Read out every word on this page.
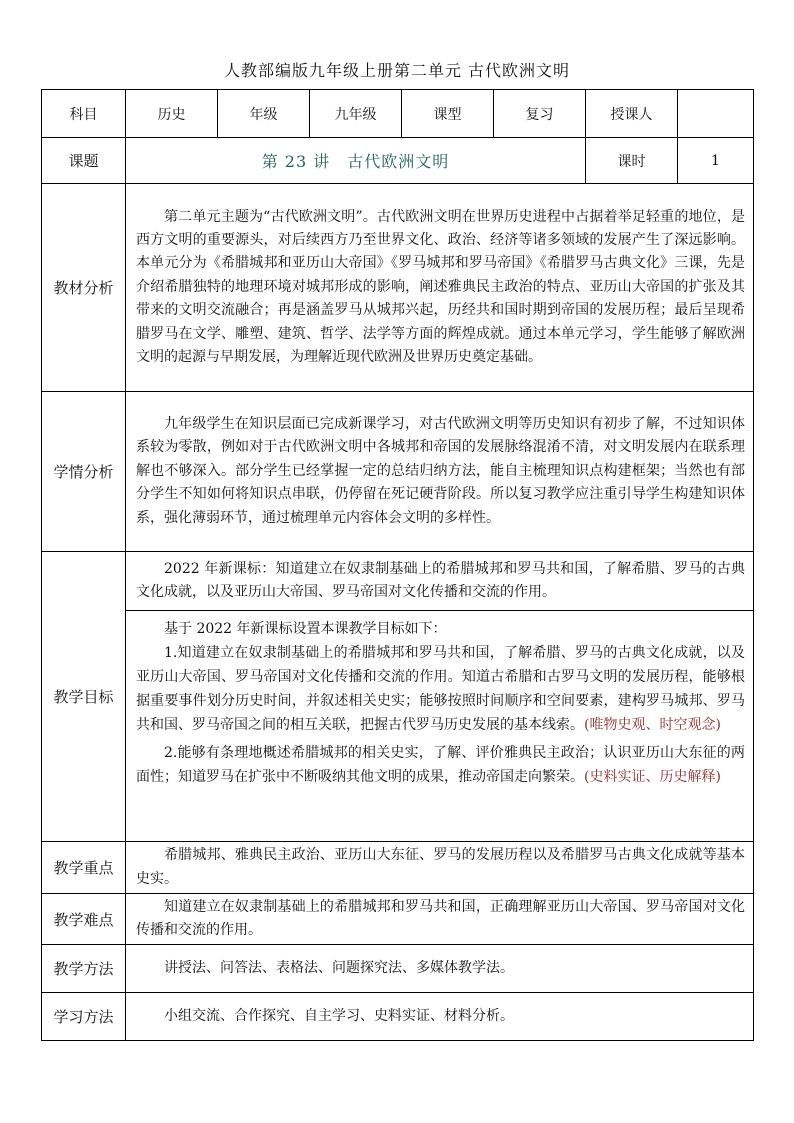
人教部编版九年级上册第二单元 古代欧洲文明
科目	历史	年级	九年级	课型	复习	授课人	
课题	第 23 讲　古代欧洲文明					课时	1
教材分析	第二单元主题为“古代欧洲文明”。古代欧洲文明在世界历史进程中占据着举足轻重的地位，是西方文明的重要源头，对后续西方乃至世界文化、政治、经济等诸多领域的发展产生了深远影响。本单元分为《希腊城邦和亚历山大帝国》《罗马城邦和罗马帝国》《希腊罗马古典文化》三课，先是介绍希腊独特的地理环境对城邦形成的影响，阐述雅典民主政治的特点、亚历山大帝国的扩张及其带来的文明交流融合；再是涵盖罗马从城邦兴起，历经共和国时期到帝国的发展历程；最后呈现希腊罗马在文学、雕塑、建筑、哲学、法学等方面的辉煌成就。通过本单元学习，学生能够了解欧洲文明的起源与早期发展，为理解近现代欧洲及世界历史奠定基础。						

学情分析	九年级学生在知识层面已完成新课学习，对古代欧洲文明等历史知识有初步了解，不过知识体系较为零散，例如对于古代欧洲文明中各城邦和帝国的发展脉络混淆不清，对文明发展内在联系理解也不够深入。部分学生已经掌握一定的总结归纳方法，能自主梳理知识点构建框架；当然也有部分学生不知如何将知识点串联，仍停留在死记硬背阶段。所以复习教学应注重引导学生构建知识体系，强化薄弱环节，通过梳理单元内容体会文明的多样性。						

教学目标	2022 年新课标：知道建立在奴隶制基础上的希腊城邦和罗马共和国，了解希腊、罗马的古典文化成就，以及亚历山大帝国、罗马帝国对文化传播和交流的作用。
基于 2022 年新课标设置本课教学目标如下：
1.知道建立在奴隶制基础上的希腊城邦和罗马共和国，了解希腊、罗马的古典文化成就，以及亚历山大帝国、罗马帝国对文化传播和交流的作用。知道古希腊和古罗马文明的发展历程，能够根据重要事件划分历史时间，并叙述相关史实；能够按照时间顺序和空间要素，建构罗马城邦、罗马共和国、罗马帝国之间的相互关联，把握古代罗马历史发展的基本线索。(唯物史观、时空观念)
2.能够有条理地概述希腊城邦的相关史实，了解、评价雅典民主政治；认识亚历山大东征的两面性；知道罗马在扩张中不断吸纳其他文明的成果，推动帝国走向繁荣。(史料实证、历史解释)						

教学重点	希腊城邦、雅典民主政治、亚历山大东征、罗马的发展历程以及希腊罗马古典文化成就等基本史实。						

教学难点	知道建立在奴隶制基础上的希腊城邦和罗马共和国，正确理解亚历山大帝国、罗马帝国对文化传播和交流的作用。						

教学方法	讲授法、问答法、表格法、问题探究法、多媒体教学法。						

学习方法	小组交流、合作探究、自主学习、史料实证、材料分析。						
